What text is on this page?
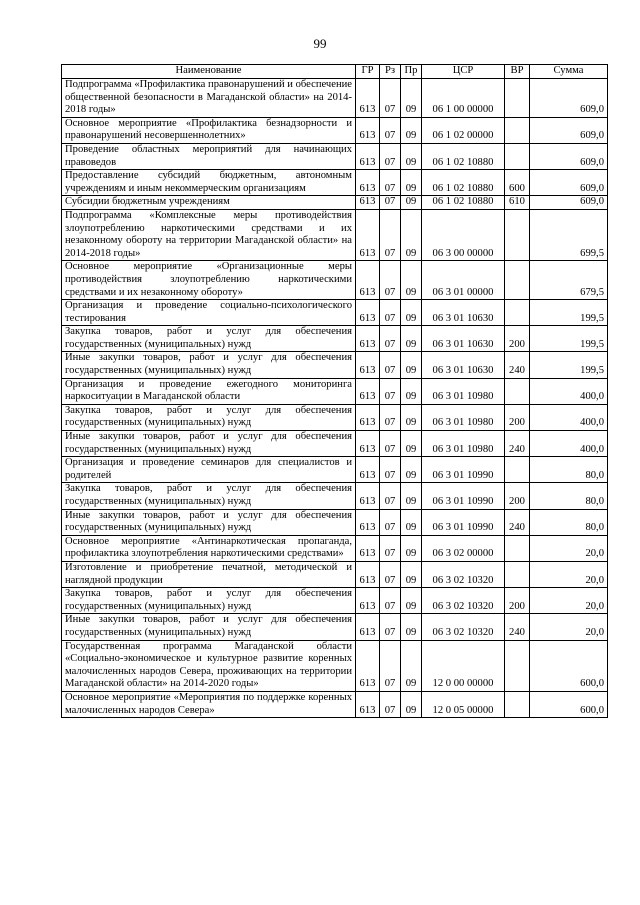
99
Наименование	ГР	Рз	Пр	ЦСР	ВР	Сумма
Подпрограмма «Профилактика правонарушений и обеспечение общественной безопасности в Магаданской области» на 2014-2018 годы»	613	07	09	06 1 00 00000		609,0
Основное мероприятие «Профилактика безнадзорности и правонарушений несовершеннолетних»	613	07	09	06 1 02 00000		609,0
Проведение областных мероприятий для начинающих правоведов	613	07	09	06 1 02 10880		609,0
Предоставление субсидий бюджетным, автономным учреждениям и иным некоммерческим организациям	613	07	09	06 1 02 10880	600	609,0
Субсидии бюджетным учреждениям	613	07	09	06 1 02 10880	610	609,0
Подпрограмма «Комплексные меры противодействия злоупотреблению наркотическими средствами и их незаконному обороту на территории Магаданской области» на 2014-2018 годы»	613	07	09	06 3 00 00000		699,5
Основное мероприятие «Организационные меры противодействия злоупотреблению наркотическими средствами и их незаконному обороту»	613	07	09	06 3 01 00000		679,5
Организация и проведение социально-психологического тестирования	613	07	09	06 3 01 10630		199,5
Закупка товаров, работ и услуг для обеспечения государственных (муниципальных) нужд	613	07	09	06 3 01 10630	200	199,5
Иные закупки товаров, работ и услуг для обеспечения государственных (муниципальных) нужд	613	07	09	06 3 01 10630	240	199,5
Организация и проведение ежегодного мониторинга наркоситуации в Магаданской области	613	07	09	06 3 01 10980		400,0
Закупка товаров, работ и услуг для обеспечения государственных (муниципальных) нужд	613	07	09	06 3 01 10980	200	400,0
Иные закупки товаров, работ и услуг для обеспечения государственных (муниципальных) нужд	613	07	09	06 3 01 10980	240	400,0
Организация и проведение семинаров для специалистов и родителей	613	07	09	06 3 01 10990		80,0
Закупка товаров, работ и услуг для обеспечения государственных (муниципальных) нужд	613	07	09	06 3 01 10990	200	80,0
Иные закупки товаров, работ и услуг для обеспечения государственных (муниципальных) нужд	613	07	09	06 3 01 10990	240	80,0
Основное мероприятие «Антинаркотическая пропаганда, профилактика злоупотребления наркотическими средствами»	613	07	09	06 3 02 00000		20,0
Изготовление и приобретение печатной, методической и наглядной продукции	613	07	09	06 3 02 10320		20,0
Закупка товаров, работ и услуг для обеспечения государственных (муниципальных) нужд	613	07	09	06 3 02 10320	200	20,0
Иные закупки товаров, работ и услуг для обеспечения государственных (муниципальных) нужд	613	07	09	06 3 02 10320	240	20,0
Государственная программа Магаданской области «Социально-экономическое и культурное развитие коренных малочисленных народов Севера, проживающих на территории Магаданской области» на 2014-2020 годы»	613	07	09	12 0 00 00000		600,0
Основное мероприятие «Мероприятия по поддержке коренных малочисленных народов Севера»	613	07	09	12 0 05 00000		600,0
